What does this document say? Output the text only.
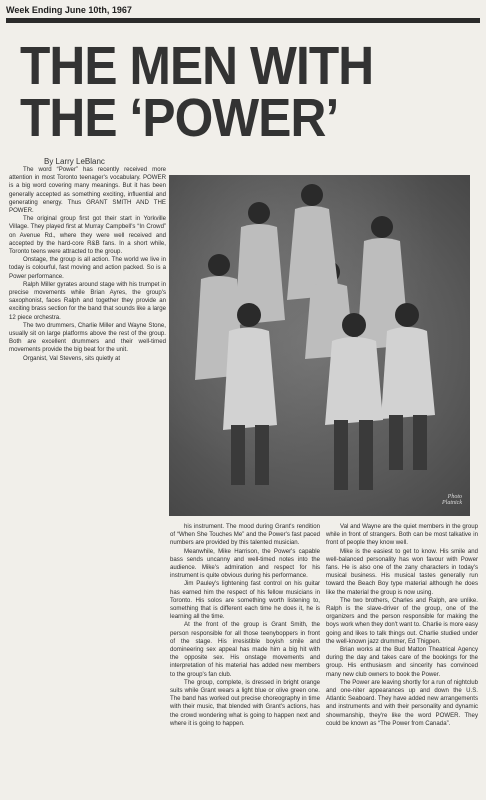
Week Ending June 10th, 1967
THE MEN WITH
THE ‘POWER’
By Larry LeBlanc

The word “Power” has recently received more attention in most Toronto teenager's vocabulary. POWER is a big word covering many meanings. But it has been generally accepted as something exciting, influential and generating energy. Thus GRANT SMITH AND THE POWER.

The original group first got their start in Yorkville Village. They played first at Murray Campbell's “In Crowd” on Avenue Rd., where they were well received and accepted by the hard-core R&B fans. In a short while, Toronto teens were attracted to the group.

Onstage, the group is all action. The world we live in today is colourful, fast moving and action packed. So is a Power performance.

Ralph Miller gyrates around stage with his trumpet in precise movements while Brian Ayres, the group's saxophonist, faces Ralph and together they provide an exciting brass section for the band that sounds like a large 12 piece orchestra.

The two drummers, Charlie Miller and Wayne Stone, usually sit on large platforms above the rest of the group. Both are excellent drummers and their well-timed movements provide the big beat for the unit.

Organist, Val Stevens, sits quietly at

Photo
Platnick

his instrument. The mood during Grant's rendition of “When She Touches Me” and the Power's fast paced numbers are provided by this talented musician.

Meanwhile, Mike Harrison, the Power's capable bass sends uncanny and well-timed notes into the audience. Mike's admiration and respect for his instrument is quite obvious during his performance.

Jim Pauley's lightening fast control on his guitar has earned him the respect of his fellow musicians in Toronto. His solos are something worth listening to, something that is different each time he does it, he is learning all the time.

At the front of the group is Grant Smith, the person responsible for all those teenyboppers in front of the stage. His irresistible boyish smile and domineering sex appeal has made him a big hit with the opposite sex. His onstage movements and interpretation of his material has added new members to the group's fan club.

The group, complete, is dressed in bright orange suits while Grant wears a light blue or olive green one. The band has worked out precise choreography in time with their music, that blended with Grant's actions, has the crowd wondering what is going to happen next and where it is going to happen.

Val and Wayne are the quiet members in the group while in front of strangers. Both can be most talkative in front of people they know well.

Mike is the easiest to get to know. His smile and well-balanced personality has won favour with Power fans. He is also one of the zany characters in today's musical business. His musical tastes generally run toward the Beach Boy type material although he does like the material the group is now using.

The two brothers, Charles and Ralph, are unlike. Ralph is the slave-driver of the group, one of the organizers and the person responsible for making the boys work when they don't want to. Charlie is more easy going and likes to talk things out. Charlie studied under the well-known jazz drummer, Ed Thigpen.

Brian works at the Bud Matton Theatrical Agency during the day and takes care of the bookings for the group. His enthusiasm and sincerity has convinced many new club owners to book the Power.

The Power are leaving shortly for a run of nightclub and one-niter appearances up and down the U.S. Atlantic Seaboard. They have added new arrangements and instruments and with their personality and dynamic showmanship, they're like the word POWER. They could be known as “The Power from Canada”.
